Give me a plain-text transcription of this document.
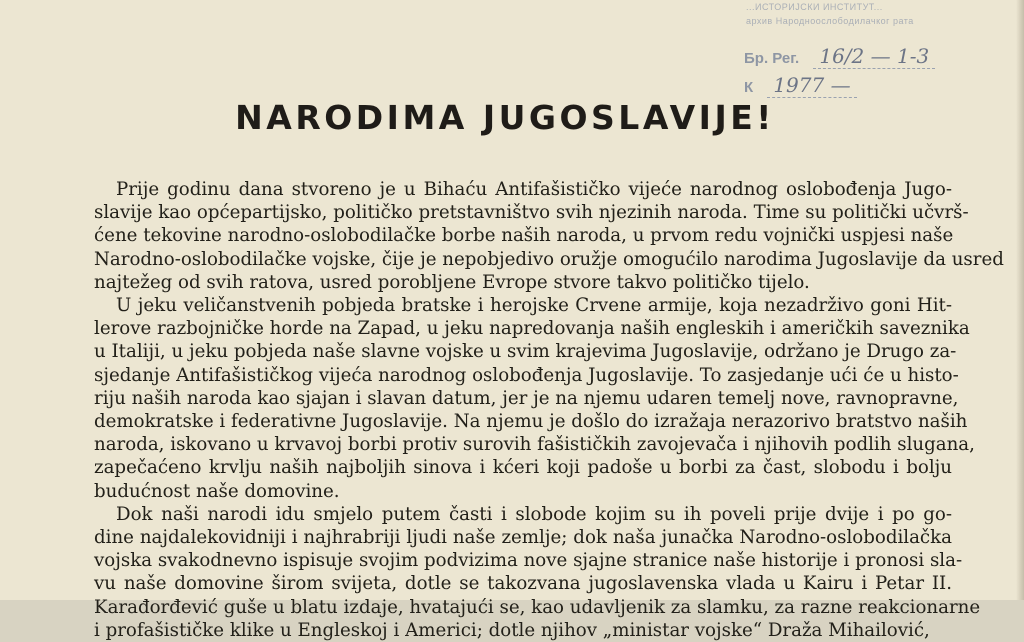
...ИСТОРИЈСКИ ИНСТИТУТ...
архив Народноослободилачког рата
Бр. Рег. 16/2 — 1-3
К 1977 —
NARODIMA JUGOSLAVIJE!
Prije godinu dana stvoreno je u Bihaću Antifašističko vijeće narodnog oslobođenja Jugo-
slavije kao općepartijsko, političko pretstavništvo svih njezinih naroda. Time su politički učvrš-
ćene tekovine narodno-oslobodilačke borbe naših naroda, u prvom redu vojnički uspjesi naše
Narodno-oslobodilačke vojske, čije je nepobjedivo oružje omogućilo narodima Jugoslavije da usred
najtežeg od svih ratova, usred porobljene Evrope stvore takvo političko tijelo.
U jeku veličanstvenih pobjeda bratske i herojske Crvene armije, koja nezadrživo goni Hit-
lerove razbojničke horde na Zapad, u jeku napredovanja naših engleskih i američkih saveznika
u Italiji, u jeku pobjeda naše slavne vojske u svim krajevima Jugoslavije, održano je Drugo za-
sjedanje Antifašističkog vijeća narodnog oslobođenja Jugoslavije. To zasjedanje ući će u histo-
riju naših naroda kao sjajan i slavan datum, jer je na njemu udaren temelj nove, ravnopravne,
demokratske i federativne Jugoslavije. Na njemu je došlo do izražaja nerazorivo bratstvo naših
naroda, iskovano u krvavoj borbi protiv surovih fašističkih zavojevača i njihovih podlih slugana,
zapečaćeno krvlju naših najboljih sinova i kćeri koji padoše u borbi za čast, slobodu i bolju
budućnost naše domovine.
Dok naši narodi idu smjelo putem časti i slobode kojim su ih poveli prije dvije i po go-
dine najdalekovidniji i najhrabriji ljudi naše zemlje; dok naša junačka Narodno-oslobodilačka
vojska svakodnevno ispisuje svojim podvizima nove sjajne stranice naše historije i pronosi sla-
vu naše domovine širom svijeta, dotle se takozvana jugoslavenska vlada u Kairu i Petar II.
Karađorđević guše u blatu izdaje, hvatajući se, kao udavljenik za slamku, za razne reakcionarne
i profašističke klike u Engleskoj i Americi; dotle njihov „ministar vojske“ Draža Mihailović,
